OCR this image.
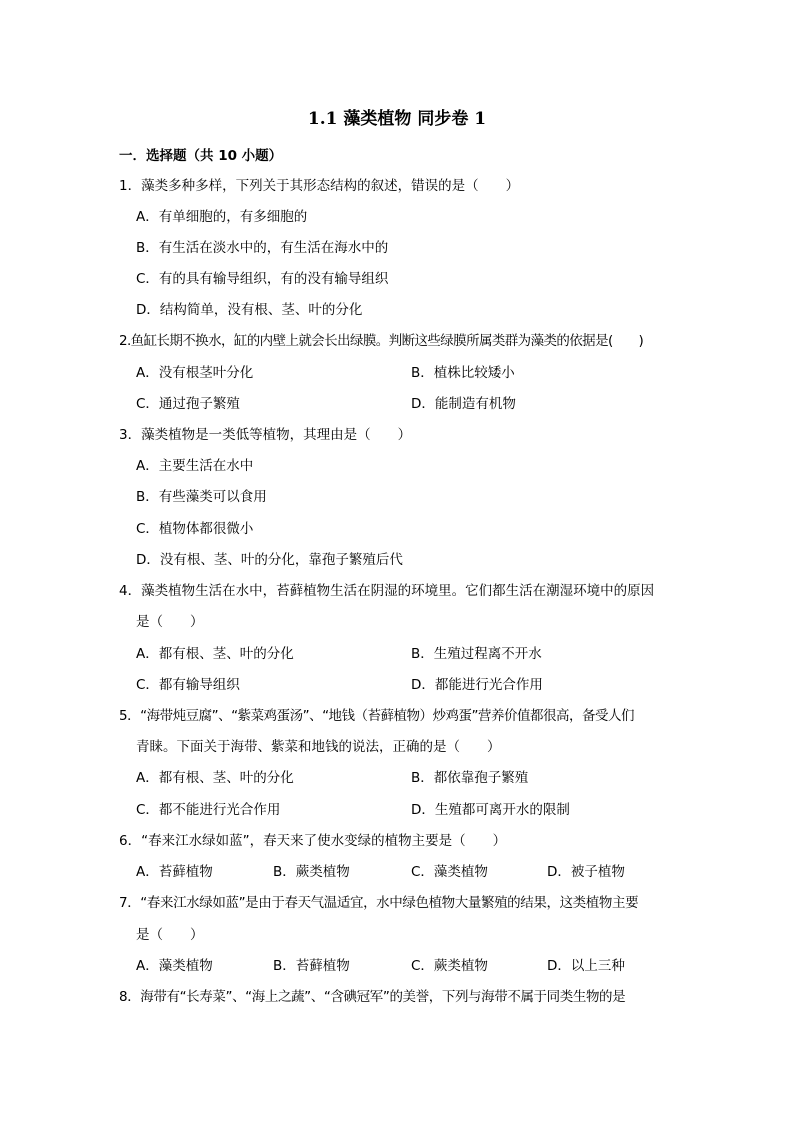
1.1 藻类植物 同步卷 1
一．选择题（共 10 小题）
1．藻类多种多样，下列关于其形态结构的叙述，错误的是（　　）
A．有单细胞的，有多细胞的
B．有生活在淡水中的，有生活在海水中的
C．有的具有输导组织，有的没有输导组织
D．结构简单，没有根、茎、叶的分化
2.鱼缸长期不换水，缸的内壁上就会长出绿膜。判断这些绿膜所属类群为藻类的依据是(　　)
A．没有根茎叶分化	B．植株比较矮小
C．通过孢子繁殖	D．能制造有机物
3．藻类植物是一类低等植物，其理由是（　　）
A．主要生活在水中
B．有些藻类可以食用
C．植物体都很微小
D．没有根、茎、叶的分化，靠孢子繁殖后代
4．藻类植物生活在水中，苔藓植物生活在阴湿的环境里。它们都生活在潮湿环境中的原因
是（　　）
A．都有根、茎、叶的分化	B．生殖过程离不开水
C．都有输导组织	D．都能进行光合作用
5．“海带炖豆腐”、“紫菜鸡蛋汤”、“地钱（苔藓植物）炒鸡蛋”营养价值都很高，备受人们
青睐。下面关于海带、紫菜和地钱的说法，正确的是（　　）
A．都有根、茎、叶的分化	B．都依靠孢子繁殖
C．都不能进行光合作用	D．生殖都可离开水的限制
6．“春来江水绿如蓝”，春天来了使水变绿的植物主要是（　　）
A．苔藓植物	B．蕨类植物	C．藻类植物	D．被子植物
7．“春来江水绿如蓝”是由于春天气温适宜，水中绿色植物大量繁殖的结果，这类植物主要
是（　　）
A．藻类植物	B．苔藓植物	C．蕨类植物	D．以上三种
8．海带有“长寿菜”、“海上之蔬”、“含碘冠军”的美誉，下列与海带不属于同类生物的是
